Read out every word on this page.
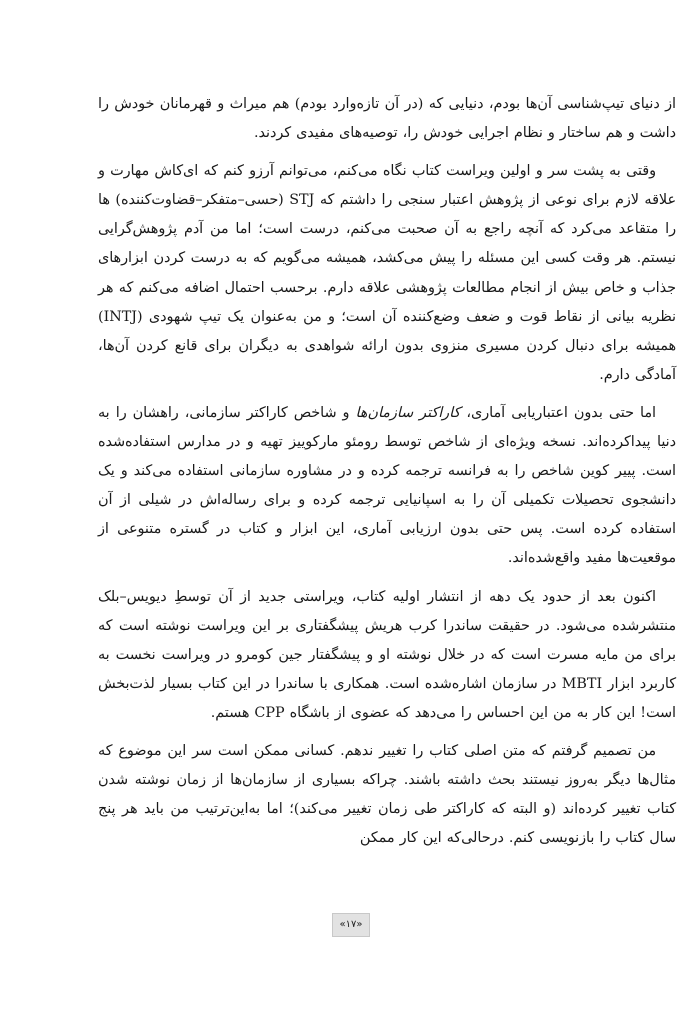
از دنیای تیپ‌شناسی آن‌ها بودم، دنیایی که (در آن تازه‌وارد بودم) هم میراث و قهرمانان خودش را داشت و هم ساختار و نظام اجرایی خودش را، توصیه‌های مفیدی کردند.

وقتی به پشت سر و اولین ویراست کتاب نگاه می‌کنم، می‌توانم آرزو کنم که ای‌کاش مهارت و علاقه لازم برای نوعی از پژوهش اعتبار سنجی را داشتم که STJ (حسی–متفکر–قضاوت‌کننده) ها را متقاعد می‌کرد که آنچه راجع به آن صحبت می‌کنم، درست است؛ اما من آدم پژوهش‌گرایی نیستم. هر وقت کسی این مسئله را پیش می‌کشد، همیشه می‌گویم که به درست کردن ابزارهای جذاب و خاص بیش از انجام مطالعات پژوهشی علاقه دارم. برحسب احتمال اضافه می‌کنم که هر نظریه بیانی از نقاط قوت و ضعف وضع‌کننده آن است؛ و من به‌عنوان یک تیپ شهودی (INTJ) همیشه برای دنبال کردن مسیری منزوی بدون ارائه شواهدی به دیگران برای قانع کردن آن‌ها، آمادگی دارم.

اما حتی بدون اعتباریابی آماری، کاراکتر سازمان‌ها و شاخص کاراکتر سازمانی، راهشان را به دنیا پیداکرده‌اند. نسخه ویژه‌ای از شاخص توسط رومئو مارکوییز تهیه و در مدارس استفاده‌شده است. پییر کوین شاخص را به فرانسه ترجمه کرده و در مشاوره سازمانی استفاده می‌کند و یک دانشجوی تحصیلات تکمیلی آن را به اسپانیایی ترجمه کرده و برای رساله‌اش در شیلی از آن استفاده کرده است. پس حتی بدون ارزیابی آماری، این ابزار و کتاب در گستره متنوعی از موقعیت‌ها مفید واقع‌شده‌اند.

اکنون بعد از حدود یک دهه از انتشار اولیه کتاب، ویراستی جدید از آن توسطِ دیویس–بلک منتشرشده می‌شود. در حقیقت ساندرا کرب هریش پیشگفتاری بر این ویراست نوشته است که برای من مایه مسرت است که در خلال نوشته او و پیشگفتار جین کومرو در ویراست نخست به کاربرد ابزار MBTI در سازمان اشاره‌شده است. همکاری با ساندرا در این کتاب بسیار لذت‌بخش است! این کار به من این احساس را می‌دهد که عضوی از باشگاه CPP هستم.

من تصمیم گرفتم که متن اصلی کتاب را تغییر ندهم. کسانی ممکن است سر این موضوع که مثال‌ها دیگر به‌روز نیستند بحث داشته باشند. چراکه بسیاری از سازمان‌ها از زمان نوشته شدن کتاب تغییر کرده‌اند (و البته که کاراکتر طی زمان تغییر می‌کند)؛ اما به‌این‌ترتیب من باید هر پنج سال کتاب را بازنویسی کنم. درحالی‌که این کار ممکن

«۱۷»
